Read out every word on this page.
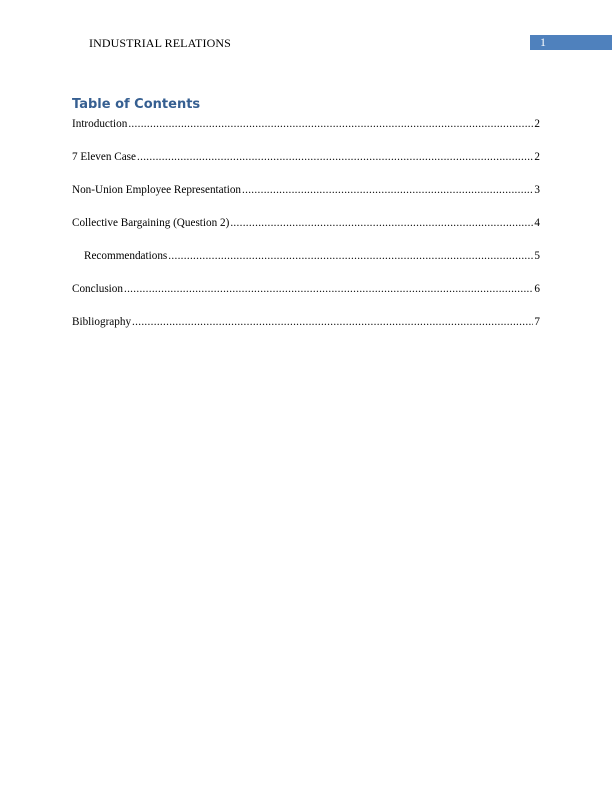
INDUSTRIAL RELATIONS	1
Table of Contents
Introduction .....	2
7 Eleven Case .....	2
Non-Union Employee Representation .....	3
Collective Bargaining (Question 2) .....	4
Recommendations .....	5
Conclusion .....	6
Bibliography .....	7
